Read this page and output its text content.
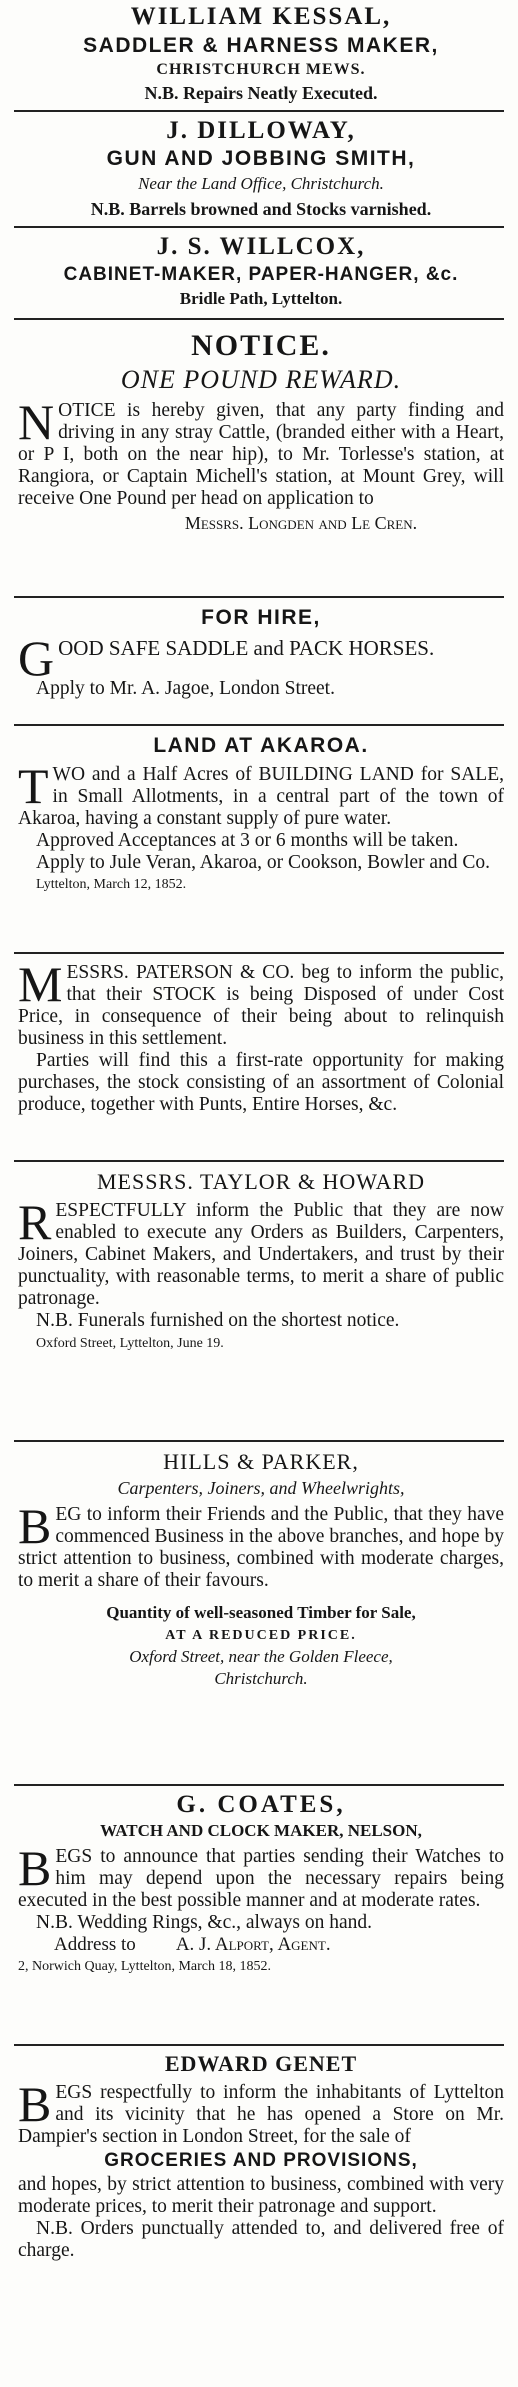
WILLIAM KESSAL,
SADDLER & HARNESS MAKER,
CHRISTCHURCH MEWS.
N.B. Repairs Neatly Executed.
J. DILLOWAY,
GUN AND JOBBING SMITH,
Near the Land Office, Christchurch.
N.B. Barrels browned and Stocks varnished.
J. S. WILLCOX,
CABINET-MAKER, PAPER-HANGER, &c.
Bridle Path, Lyttelton.
NOTICE.
ONE POUND REWARD.
NOTICE is hereby given, that any party finding and driving in any stray Cattle, (branded either with a Heart, or P I, both on the near hip), to Mr. Torlesse's station, at Rangiora, or Captain Michell's station, at Mount Grey, will receive One Pound per head on application to
Messrs. Longden and Le Cren.
FOR HIRE,
GOOD SAFE SADDLE and PACK HORSES.
Apply to Mr. A. Jagoe, London Street.
LAND AT AKAROA.
TWO and a Half Acres of BUILDING LAND for SALE, in Small Allotments, in a central part of the town of Akaroa, having a constant supply of pure water.
Approved Acceptances at 3 or 6 months will be taken.
Apply to Jule Veran, Akaroa, or Cookson, Bowler and Co.
Lyttelton, March 12, 1852.
MESSRS. PATERSON & CO. beg to inform the public, that their STOCK is being Disposed of under Cost Price, in consequence of their being about to relinquish business in this settlement.
Parties will find this a first-rate opportunity for making purchases, the stock consisting of an assortment of Colonial produce, together with Punts, Entire Horses, &c.
MESSRS. TAYLOR & HOWARD
RESPECTFULLY inform the Public that they are now enabled to execute any Orders as Builders, Carpenters, Joiners, Cabinet Makers, and Undertakers, and trust by their punctuality, with reasonable terms, to merit a share of public patronage.
N.B. Funerals furnished on the shortest notice.
Oxford Street, Lyttelton, June 19.
HILLS & PARKER,
Carpenters, Joiners, and Wheelwrights,
BEG to inform their Friends and the Public, that they have commenced Business in the above branches, and hope by strict attention to business, combined with moderate charges, to merit a share of their favours.
Quantity of well-seasoned Timber for Sale,
AT A REDUCED PRICE.
Oxford Street, near the Golden Fleece,
Christchurch.
G. COATES,
WATCH AND CLOCK MAKER, NELSON,
BEGS to announce that parties sending their Watches to him may depend upon the necessary repairs being executed in the best possible manner and at moderate rates.
N.B. Wedding Rings, &c., always on hand.
Address to A. J. Alport, Agent.
2, Norwich Quay, Lyttelton, March 18, 1852.
EDWARD GENET
BEGS respectfully to inform the inhabitants of Lyttelton and its vicinity that he has opened a Store on Mr. Dampier's section in London Street, for the sale of
GROCERIES AND PROVISIONS,
and hopes, by strict attention to business, combined with very moderate prices, to merit their patronage and support.
N.B. Orders punctually attended to, and delivered free of charge.
